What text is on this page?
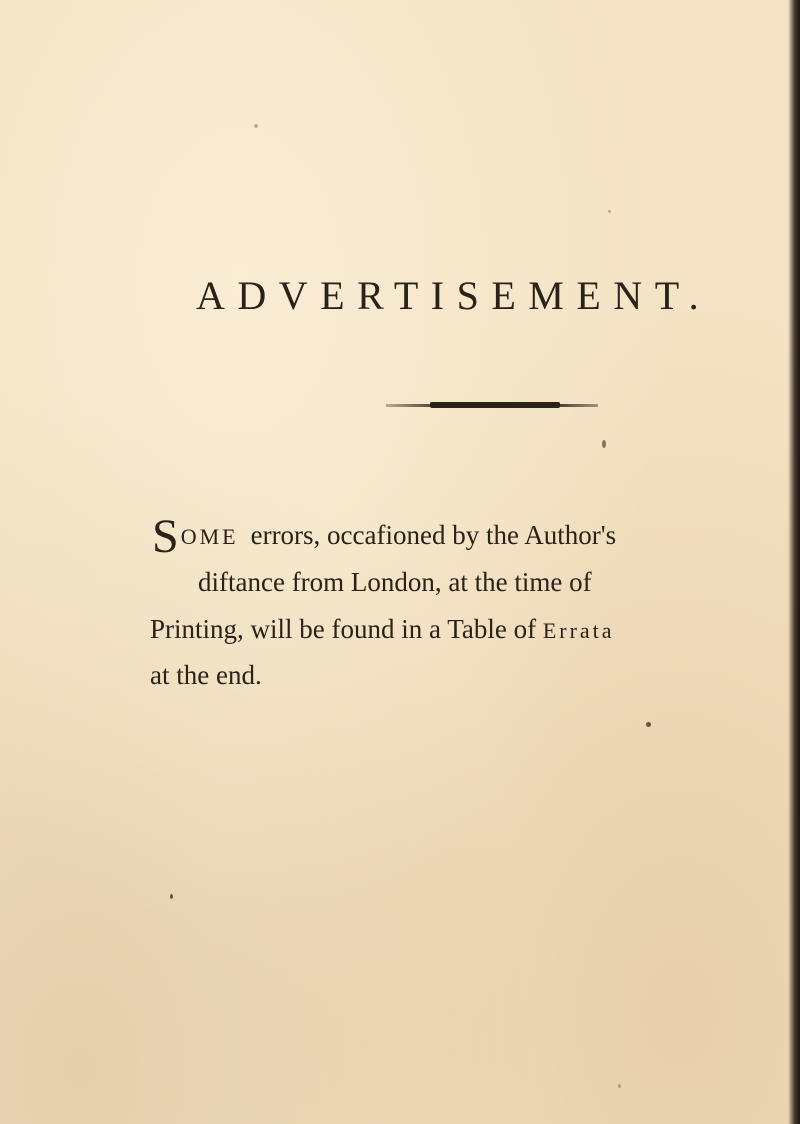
ADVERTISEMENT.
SOME errors, occafioned by the Author's
diftance from London, at the time of
Printing, will be found in a Table of Errata
at the end.
